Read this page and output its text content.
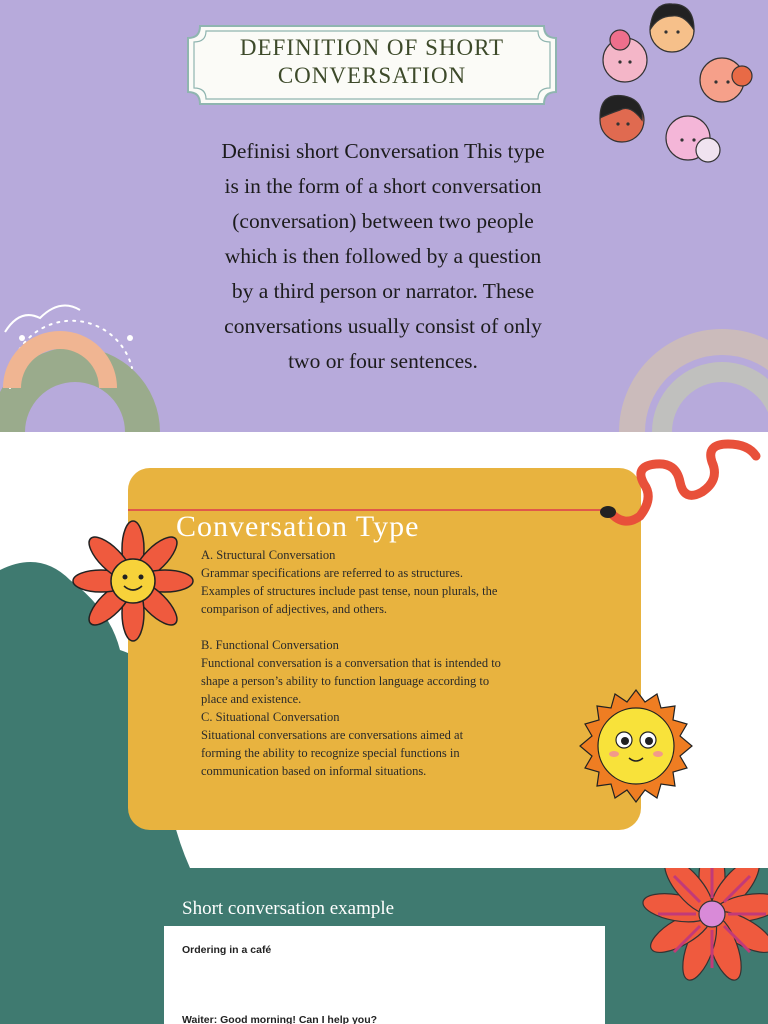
DEFINITION OF SHORT
CONVERSATION
Definisi short Conversation This type
is in the form of a short conversation
(conversation) between two people
which is then followed by a question
by a third person or narrator. These
conversations usually consist of only
two or four sentences.
Conversation Type
A. Structural Conversation
Grammar specifications are referred to as structures.
Examples of structures include past tense, noun plurals, the
comparison of adjectives, and others.
B. Functional Conversation
Functional conversation is a conversation that is intended to
shape a person’s ability to function language according to
place and existence.
C. Situational Conversation
Situational conversations are conversations aimed at
forming the ability to recognize special functions in
communication based on informal situations.
Short conversation example
Ordering in a café
Waiter: Good morning! Can I help you?
